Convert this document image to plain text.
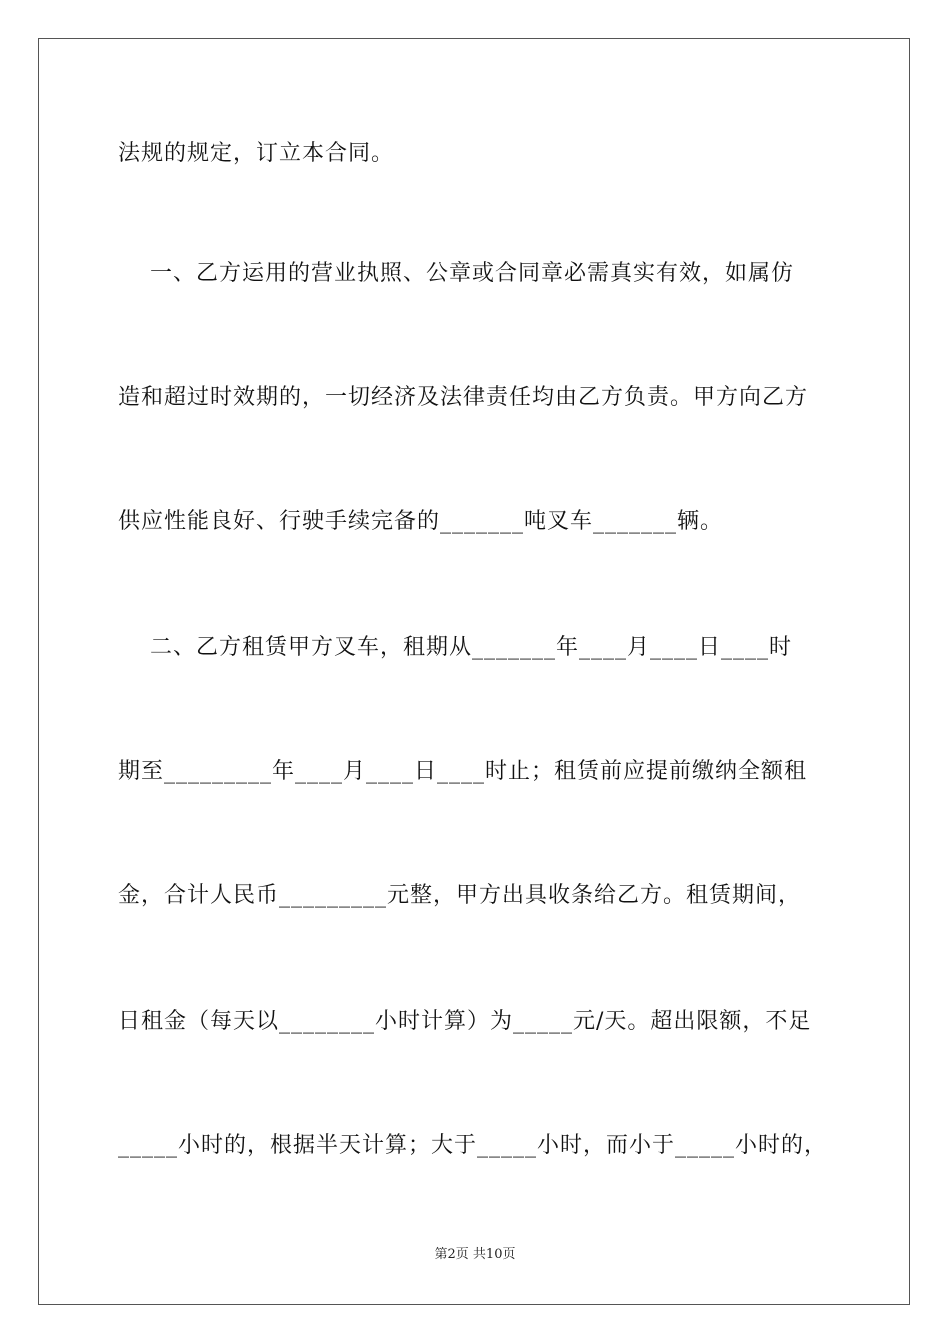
法规的规定，订立本合同。
一、乙方运用的营业执照、公章或合同章必需真实有效，如属仿
造和超过时效期的，一切经济及法律责任均由乙方负责。甲方向乙方
供应性能良好、行驶手续完备的_______吨叉车_______辆。
二、乙方租赁甲方叉车，租期从_______年____月____日____时
期至_________年____月____日____时止；租赁前应提前缴纳全额租
金，合计人民币_________元整，甲方出具收条给乙方。租赁期间，
日租金（每天以________小时计算）为_____元/天。超出限额，不足
_____小时的，根据半天计算；大于_____小时，而小于_____小时的，
第2页 共10页
